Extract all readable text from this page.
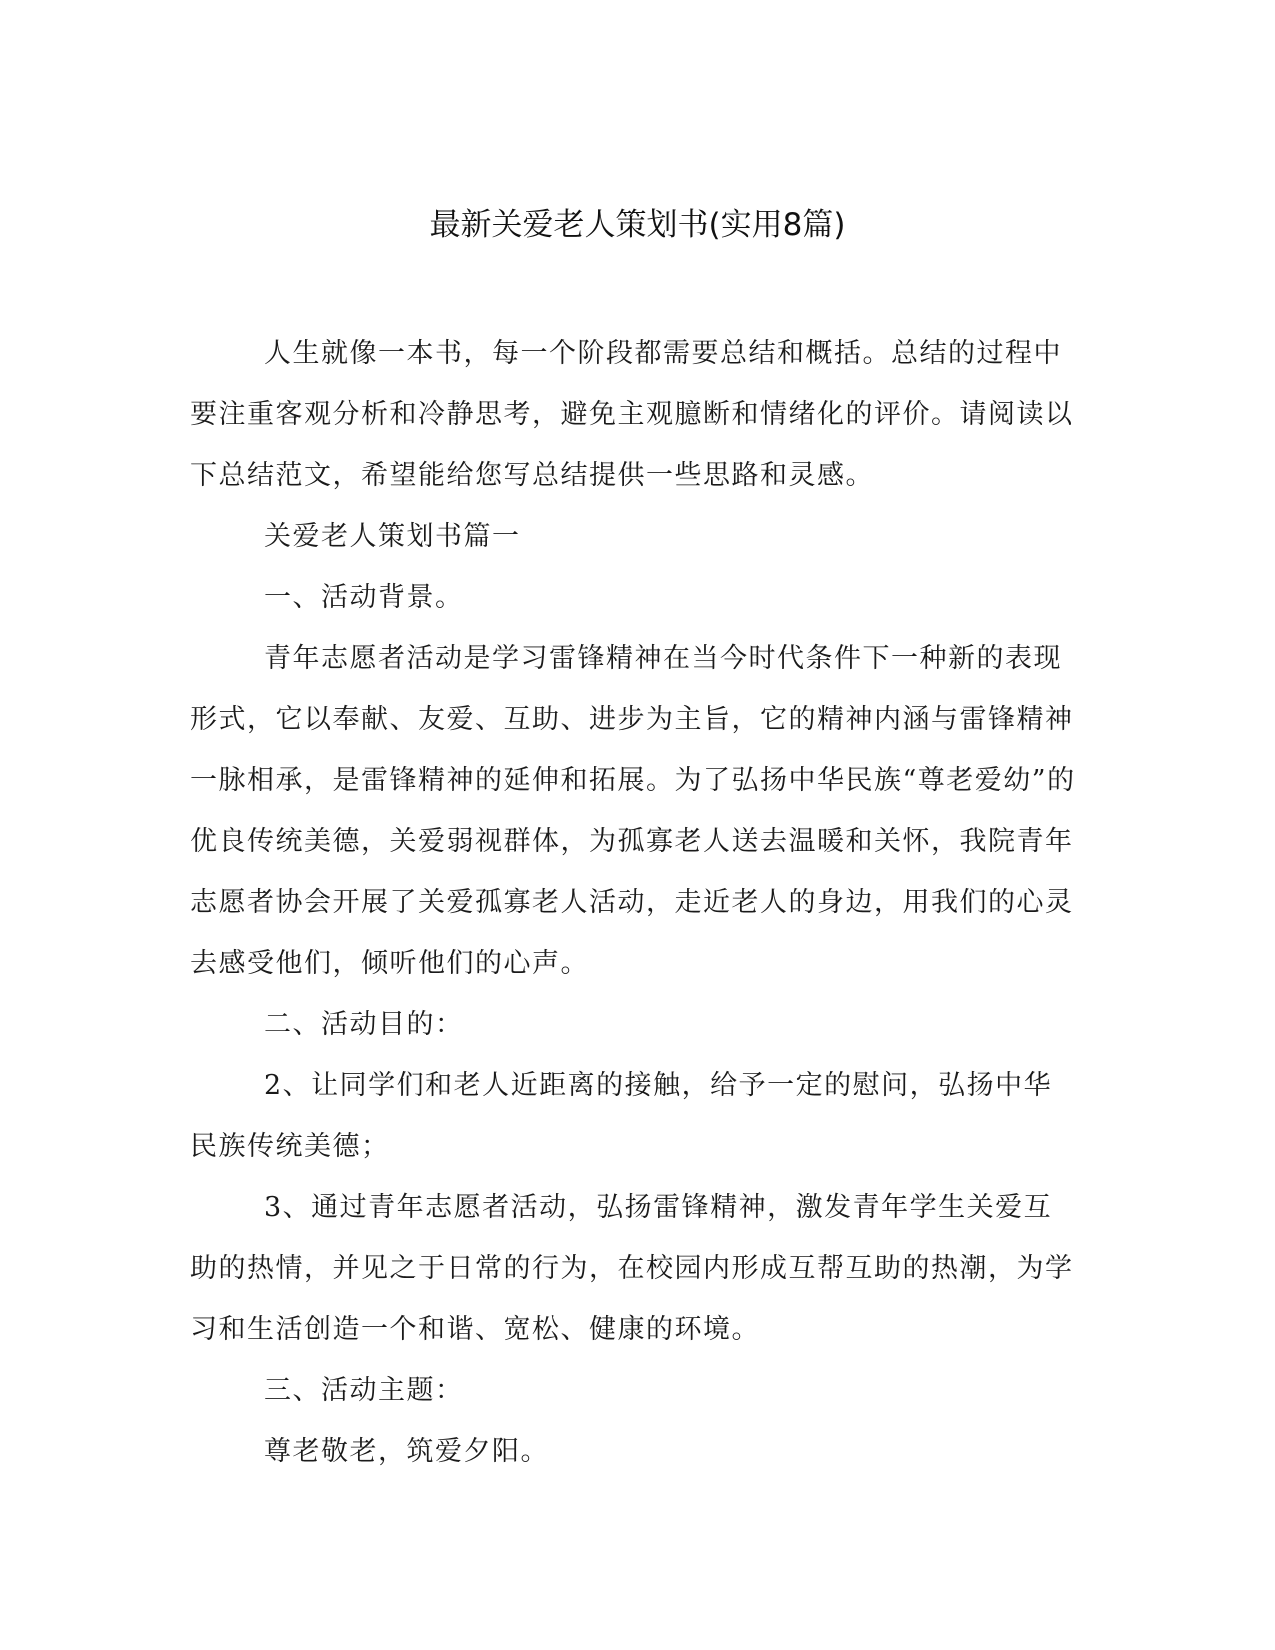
最新关爱老人策划书(实用8篇)

人生就像一本书，每一个阶段都需要总结和概括。总结的过程中要注重客观分析和冷静思考，避免主观臆断和情绪化的评价。请阅读以下总结范文，希望能给您写总结提供一些思路和灵感。

关爱老人策划书篇一

一、活动背景。

青年志愿者活动是学习雷锋精神在当今时代条件下一种新的表现形式，它以奉献、友爱、互助、进步为主旨，它的精神内涵与雷锋精神一脉相承，是雷锋精神的延伸和拓展。为了弘扬中华民族“尊老爱幼”的优良传统美德，关爱弱视群体，为孤寡老人送去温暖和关怀，我院青年志愿者协会开展了关爱孤寡老人活动，走近老人的身边，用我们的心灵去感受他们，倾听他们的心声。

二、活动目的：

2、让同学们和老人近距离的接触，给予一定的慰问，弘扬中华民族传统美德；

3、通过青年志愿者活动，弘扬雷锋精神，激发青年学生关爱互助的热情，并见之于日常的行为，在校园内形成互帮互助的热潮，为学习和生活创造一个和谐、宽松、健康的环境。

三、活动主题：

尊老敬老，筑爱夕阳。
